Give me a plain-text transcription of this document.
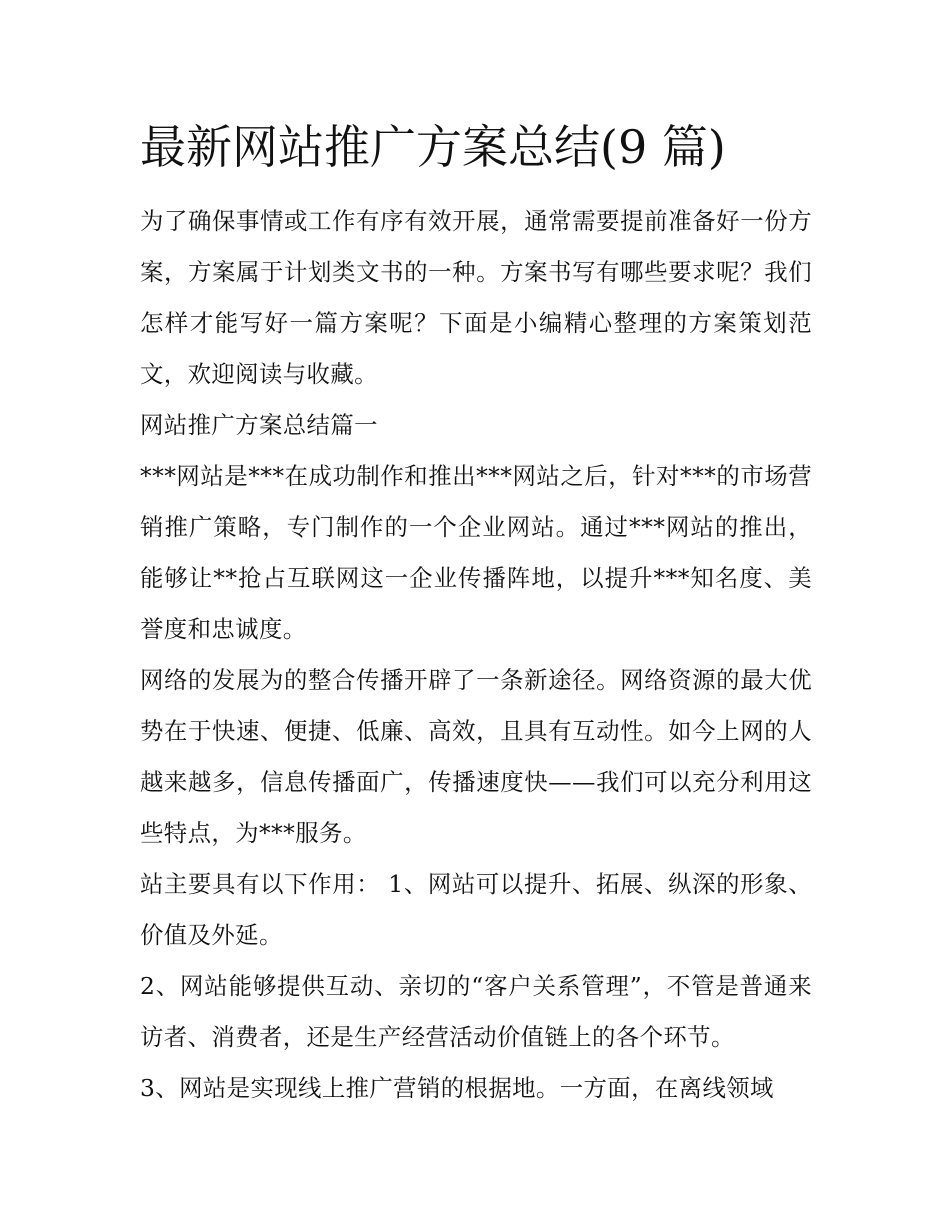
最新网站推广方案总结(9 篇)

为了确保事情或工作有序有效开展，通常需要提前准备好一份方案，方案属于计划类文书的一种。方案书写有哪些要求呢？我们怎样才能写好一篇方案呢？下面是小编精心整理的方案策划范文，欢迎阅读与收藏。

网站推广方案总结篇一

***网站是***在成功制作和推出***网站之后，针对***的市场营销推广策略，专门制作的一个企业网站。通过***网站的推出，能够让**抢占互联网这一企业传播阵地，以提升***知名度、美誉度和忠诚度。

网络的发展为的整合传播开辟了一条新途径。网络资源的最大优势在于快速、便捷、低廉、高效，且具有互动性。如今上网的人越来越多，信息传播面广，传播速度快——我们可以充分利用这些特点，为***服务。

站主要具有以下作用： 1、网站可以提升、拓展、纵深的形象、价值及外延。

2、网站能够提供互动、亲切的“客户关系管理”，不管是普通来访者、消费者，还是生产经营活动价值链上的各个环节。

3、网站是实现线上推广营销的根据地。一方面，在离线领域
